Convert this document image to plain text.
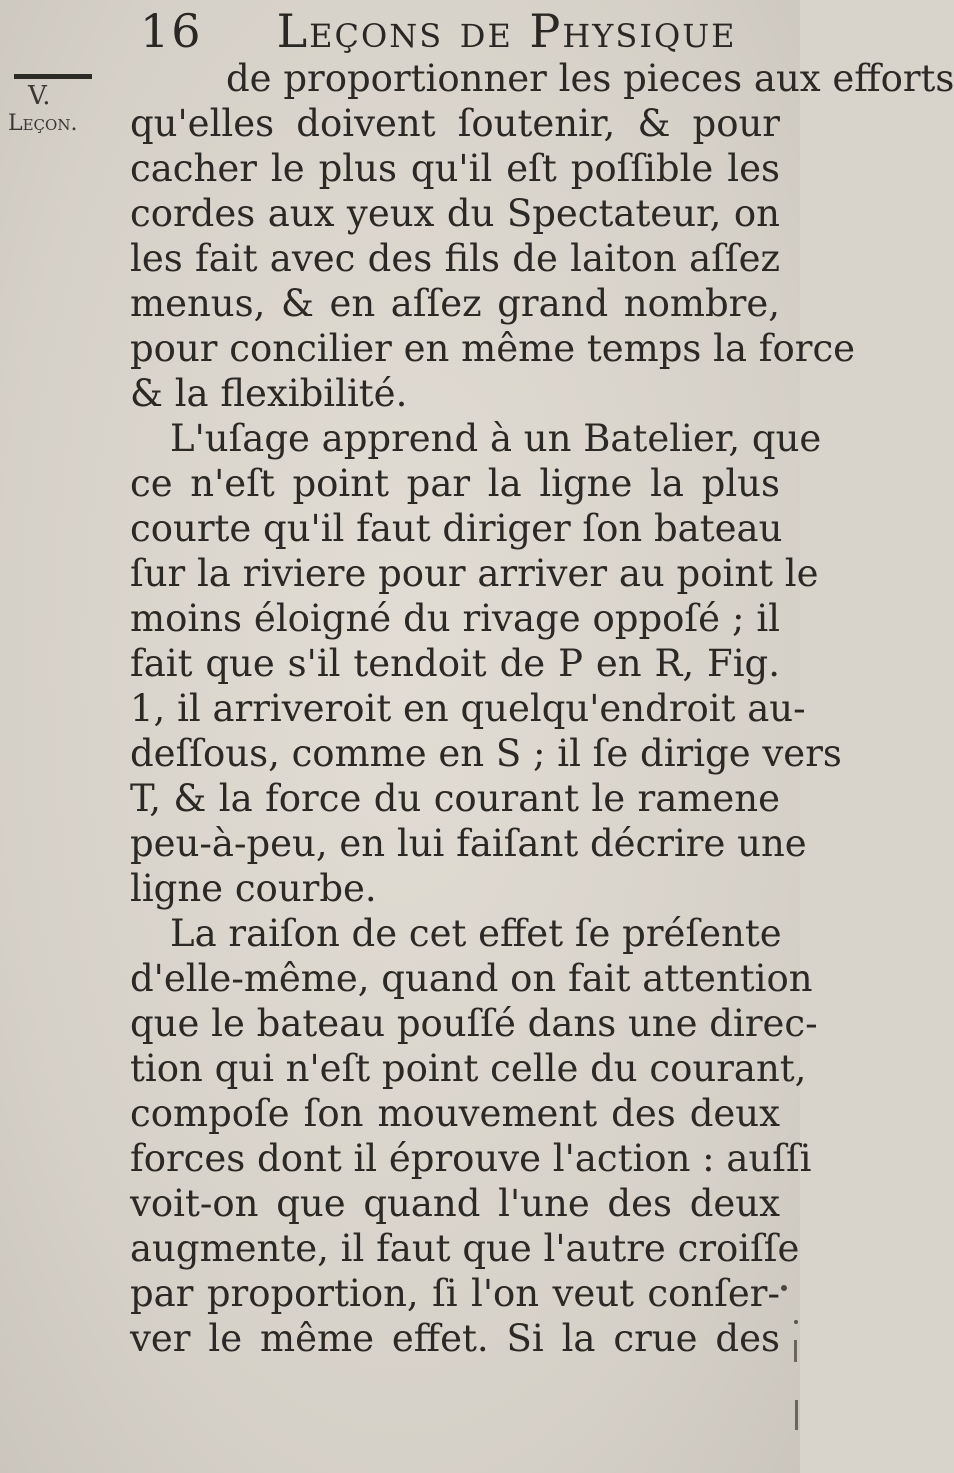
16 Leçons de Physique
V.
Leçon.
de proportionner les pieces aux efforts
qu'elles doivent ſoutenir, & pour
cacher le plus qu'il eſt poſſible les
cordes aux yeux du Spectateur, on
les fait avec des fils de laiton aſſez
menus, & en aſſez grand nombre,
pour concilier en même temps la force
& la flexibilité.
L'uſage apprend à un Batelier, que
ce n'eſt point par la ligne la plus
courte qu'il faut diriger ſon bateau
ſur la riviere pour arriver au point le
moins éloigné du rivage oppoſé ; il
fait que s'il tendoit de P en R, Fig.
1, il arriveroit en quelqu'endroit au-
deſſous, comme en S ; il ſe dirige vers
T, & la force du courant le ramene
peu-à-peu, en lui faiſant décrire une
ligne courbe.
La raiſon de cet effet ſe préſente
d'elle-même, quand on fait attention
que le bateau pouſſé dans une direc-
tion qui n'eſt point celle du courant,
compoſe ſon mouvement des deux
forces dont il éprouve l'action : auſſi
voit-on que quand l'une des deux
augmente, il faut que l'autre croiſſe
par proportion, ſi l'on veut conſer-
ver le même effet. Si la crue des
